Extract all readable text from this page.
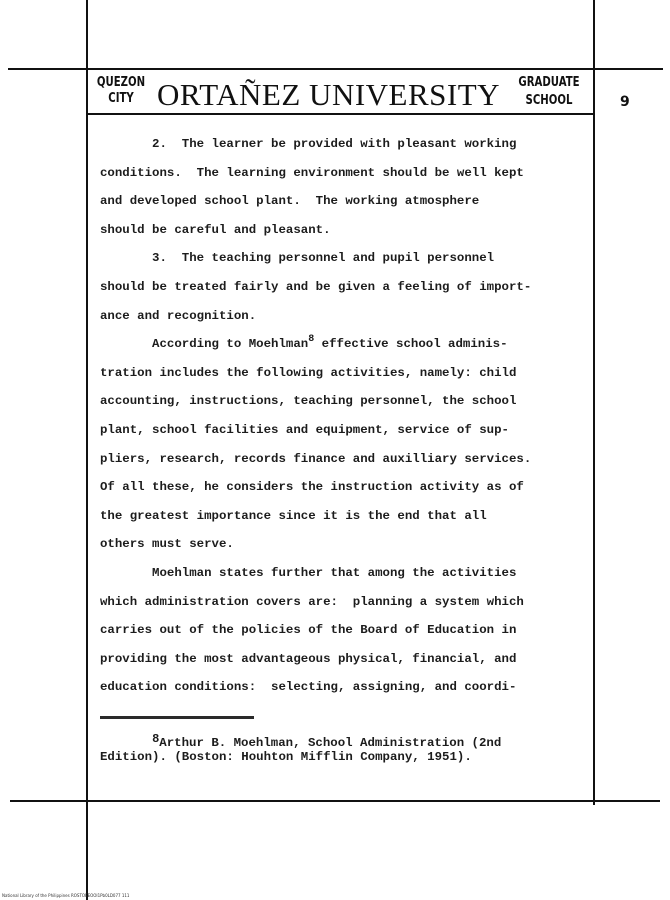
QUEZON
CITY ORTAÑEZ UNIVERSITY	GRADUATE
SCHOOL	9
2.  The learner be provided with pleasant working
conditions.  The learning environment should be well kept
and developed school plant.  The working atmosphere
should be careful and pleasant.
3.  The teaching personnel and pupil personnel
should be treated fairly and be given a feeling of import-
ance and recognition.
According to Moehlman$^8$ effective school adminis-
tration includes the following activities, namely: child
accounting, instructions, teaching personnel, the school
plant, school facilities and equipment, service of sup-
pliers, research, records finance and auxilliary services.
Of all these, he considers the instruction activity as of
the greatest importance since it is the end that all
others must serve.
Moehlman states further that among the activities
which administration covers are:  planning a system which
carries out of the policies of the Board of Education in
providing the most advantageous physical, financial, and
education conditions:  selecting, assigning, and coordi-
8Arthur B. Moehlman, School Administration (2nd
Edition). (Boston: Houhton Mifflin Company, 1951).
National Library of the Philippines ROSTOEEOOI1Pb0LD077 111
